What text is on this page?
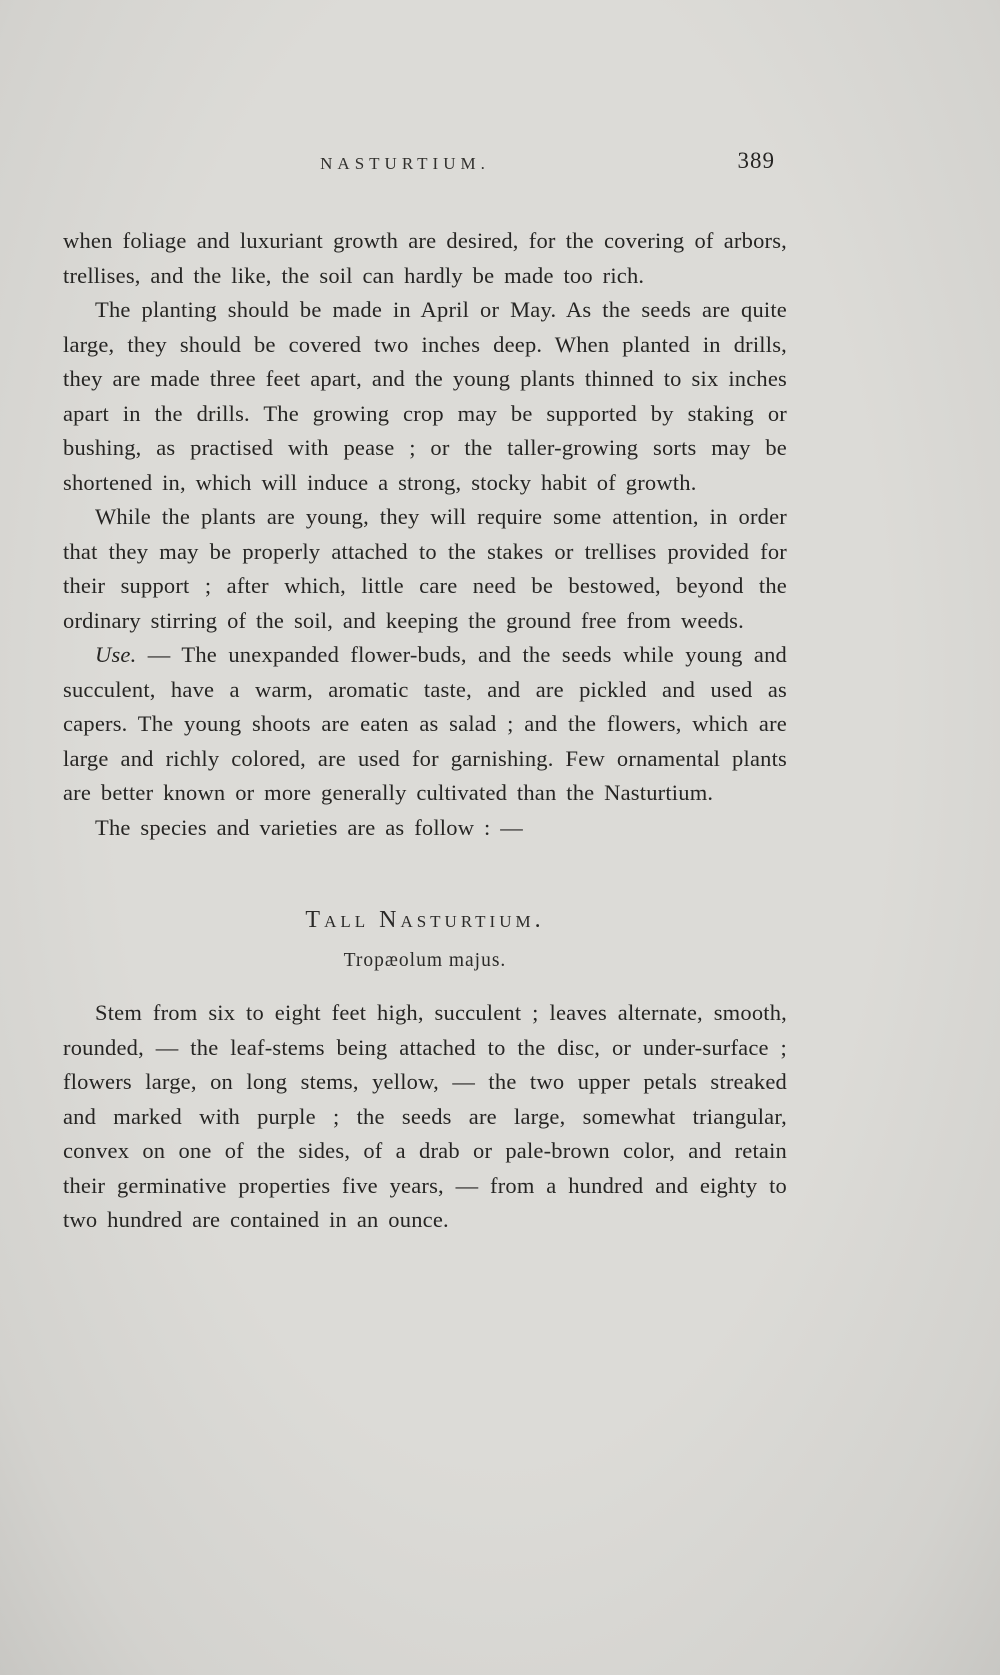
NASTURTIUM.	389

when foliage and luxuriant growth are desired, for the covering of arbors, trellises, and the like, the soil can hardly be made too rich.

The planting should be made in April or May. As the seeds are quite large, they should be covered two inches deep. When planted in drills, they are made three feet apart, and the young plants thinned to six inches apart in the drills. The growing crop may be supported by staking or bushing, as practised with pease ; or the taller-growing sorts may be shortened in, which will induce a strong, stocky habit of growth.

While the plants are young, they will require some attention, in order that they may be properly attached to the stakes or trellises provided for their support ; after which, little care need be bestowed, beyond the ordinary stirring of the soil, and keeping the ground free from weeds.

Use. — The unexpanded flower-buds, and the seeds while young and succulent, have a warm, aromatic taste, and are pickled and used as capers. The young shoots are eaten as salad ; and the flowers, which are large and richly colored, are used for garnishing. Few ornamental plants are better known or more generally cultivated than the Nasturtium.

The species and varieties are as follow : —

Tall Nasturtium.

Tropæolum majus.

Stem from six to eight feet high, succulent ; leaves alternate, smooth, rounded, — the leaf-stems being attached to the disc, or under-surface ; flowers large, on long stems, yellow, — the two upper petals streaked and marked with purple ; the seeds are large, somewhat triangular, convex on one of the sides, of a drab or pale-brown color, and retain their germinative properties five years, — from a hundred and eighty to two hundred are contained in an ounce.
